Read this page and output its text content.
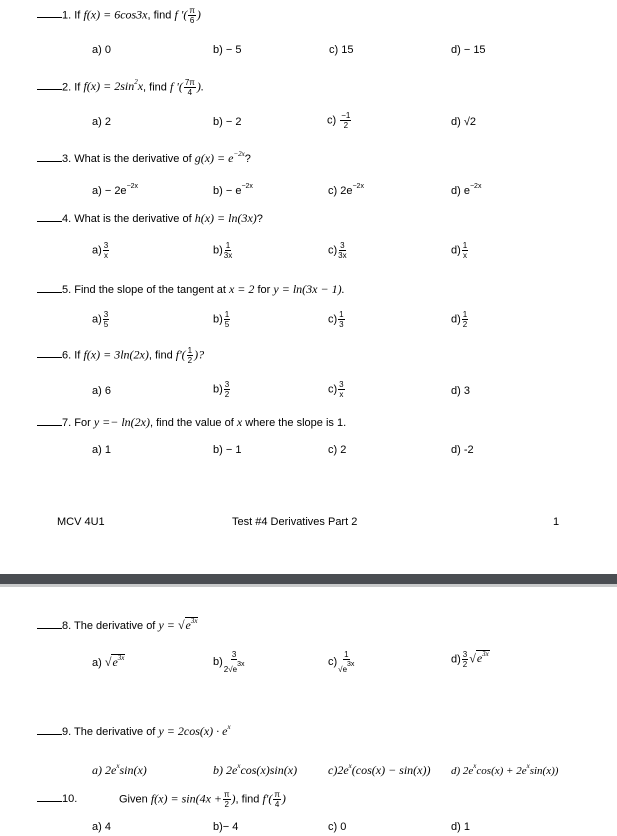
1. If f(x) = 6cos3x, find f '( $\frac{\pi}{6}$ )
a) 0	b) − 5	c) 15	d) − 15
2. If $f(x) = 2\sin^2x$, find f '( $\frac{7\pi}{4}$ ).
a) 2	b) − 2	$c) \frac{-1}{2}$	d) √2
3. What is the derivative of $g(x) = e^{-2x}$?
$a) - 2e^{-2x}$	$b) - e^{-2x}$	c) $2e^{-2x}$	d) $e^{-2x}$
4. What is the derivative of h(x) = ln(3x)?
$a) \frac{3}{x}$	$b) \frac{1}{3x}$	$c) \frac{3}{3x}$	$d) \frac{1}{x}$
5. Find the slope of the tangent at x = 2 for y = ln(3x − 1).
$a) \frac{3}{5}$	$b) \frac{1}{5}$	$c) \frac{1}{3}$	$d) \frac{1}{2}$
6. If f(x) = 3ln(2x), find $f'( \frac{1}{2}$ )?
a) 6	$b) \frac{3}{2}$	$c) \frac{3}{x}$	d) 3
7. For y =− ln(2x), find the value of x where the slope is 1.
a) 1	b) − 1	c) 2	d) -2
MCV 4U1	Test #4 Derivatives Part 2	1
8. The derivative of $y = √e^{3x}$
a) $√e^{3x}$	$b) \frac{3}{2√e^{3x}}$	$c) \frac{1}{√e^{3x}}$	$d) \frac{3}{2} √e^{3x}$
9. The derivative of $y = 2\cos(x) \cdot e^x$
a) $2e^x\sin(x)$	b) $2e^x\cos(x)\sin(x)$	$c)2e^x(\cos(x) - \sin(x))$ d) $2e^x\cos(x) + 2e^x\sin(x)$)
10.	Given $f(x) = \sin(4x + \frac{\pi}{2}$ ), find $f'( \frac{\pi}{4}$ )
a) 4	b)− 4	c) 0	d) 1
